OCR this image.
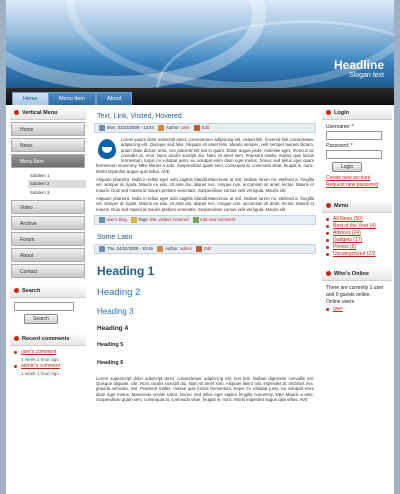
Headline
Slogan text
Home	Menu Item	About
Vertical Menu
Home
News
Menu Item
Subitem 1
Subitem 2
Subitem 3
Video
Archive
Forum
About
Contact
Search
Search
Recent comments
user's comment
1 week 1 hour ago
admin's comment
1 week 1 hour ago
Text, Link, Visited, Hovered
Mon, 03/23/2009 - 13:04	Author: user	Edit

Lorem ipsum dolor subscript amet, consectetuer adipiscing elit, visited link, hovered link consectetuer adipiscing elit. Quisque sed felis. Aliquam sit amet felis. Mauris semper, velit semper laoreet dictum, quam diam dictum urna, nec placerat elit nisl in quam. Etiam augue pede, molestie eget, rhoncus at, convallis ut, eros. Nunc iaculis suscipit dui. Nam sit amet sem. Praesent mattis, massa quis luctus fermentum, turpis mi volutpat justo, eu volutpat enim diam eget metus. Donec sed tellus eget quam fermentum nonummy. NBA Mauris a ante. Suspendisse quam sem, consequat at, commodo vitae, feugiat in, nunc. Morbi imperdiet augue quis tellus. AVE

Aliquam pharetra. Nulla in tellus eget odio sagittis blandit.Maecenas at nisl. Nullam lorem mi, eleifend a, fringilla vel, semper at, ligula. Mauris eu wisi. Ut ante dui, aliquet nec, congue non, accumsan sit amet, lectus. Mauris et mauris. Duis sed massa id mauris pretium venenatis. Suspendisse cursus velit vel ligula. Mauris elit.

Aliquam pharetra. Nulla in tellus eget odio sagittis blandit.Maecenas at nisl. Nullam lorem mi, eleifend a, fringilla vel, semper at, ligula. Mauris eu wisi. Ut ante dui, aliquet nec, congue non, accumsan sit amet, lectus. Mauris et mauris. Duis sed massa id mauris pretium venenatis. Suspendisse cursus velit vel ligula. Mauris elit.

user's blog	Tags: link, visited, hovered	Add new comment
Some Latin
Thu, 04/02/2009 - 10:46	Author: admin	Edit
Heading 1
Heading 2
Heading 3
Heading 4
Heading 5
Heading 6

Lorem superscript dolor subscript amet, consectetuer adipiscing elit, test link. Nullam dignissim convallis est. Quisque aliquam. cite. Nunc iaculis suscipit dui. Nam sit amet sem. Aliquam libero nisi, imperdiet at, tincidunt nec, gravida vehicula, nisl. Praesent mattis, massa quis luctus fermentum, turpis mi volutpat justo, eu volutpat enim diam eget metus. Maecenas ornare tortor. Donec sed tellus eget sapien fringilla nonummy. NBA Mauris a ante. Suspendisse quam sem, consequat at, commodo vitae, feugiat in, nunc. Morbi imperdiet augue quis tellus. AVE

Login
Username: *
Password: *
Login
Create new account
Request new password
Menu
All News (50)
Best of the Year (4)
Advices (24)
Gadgets (17)
Photos (6)
Uncategorized (23)
Who's Online
There are currently 1 user and 0 guests online.
Online users
user
